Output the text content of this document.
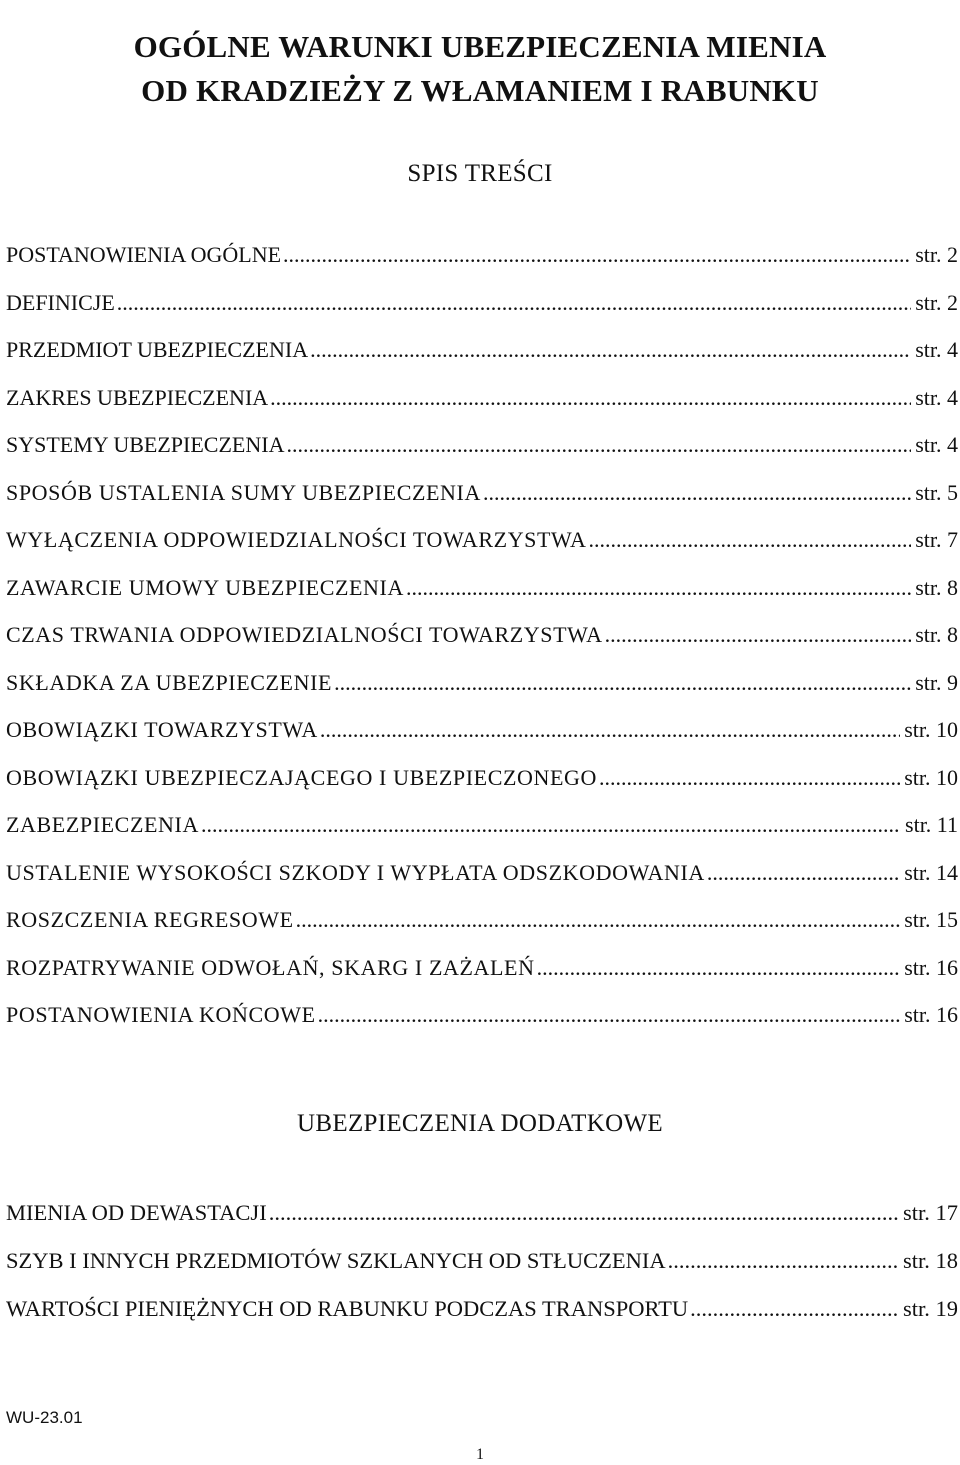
OGÓLNE WARUNKI UBEZPIECZENIA MIENIA
OD KRADZIEŻY Z WŁAMANIEM I RABUNKU
SPIS TREŚCI
POSTANOWIENIA OGÓLNE .....	str. 2
DEFINICJE .....	str. 2
PRZEDMIOT UBEZPIECZENIA .....	str. 4
ZAKRES UBEZPIECZENIA .....	str. 4
SYSTEMY UBEZPIECZENIA .....	str. 4
SPOSÓB USTALENIA SUMY UBEZPIECZENIA .....	str. 5
WYŁĄCZENIA ODPOWIEDZIALNOŚCI TOWARZYSTWA .....	str. 7
ZAWARCIE UMOWY UBEZPIECZENIA .....	str. 8
CZAS TRWANIA ODPOWIEDZIALNOŚCI TOWARZYSTWA .....	str. 8
SKŁADKA ZA UBEZPIECZENIE .....	str. 9
OBOWIĄZKI TOWARZYSTWA .....	str. 10
OBOWIĄZKI UBEZPIECZAJĄCEGO I UBEZPIECZONEGO .....	str. 10
ZABEZPIECZENIA .....	str. 11
USTALENIE WYSOKOŚCI SZKODY I WYPŁATA ODSZKODOWANIA .....	str. 14
ROSZCZENIA REGRESOWE .....	str. 15
ROZPATRYWANIE ODWOŁAŃ, SKARG I ZAŻALEŃ .....	str. 16
POSTANOWIENIA KOŃCOWE .....	str. 16
UBEZPIECZENIA DODATKOWE
MIENIA OD DEWASTACJI .....	str. 17
SZYB I INNYCH PRZEDMIOTÓW SZKLANYCH OD STŁUCZENIA .....	str. 18
WARTOŚCI PIENIĘŻNYCH OD RABUNKU PODCZAS TRANSPORTU .....	str. 19
WU-23.01
1
